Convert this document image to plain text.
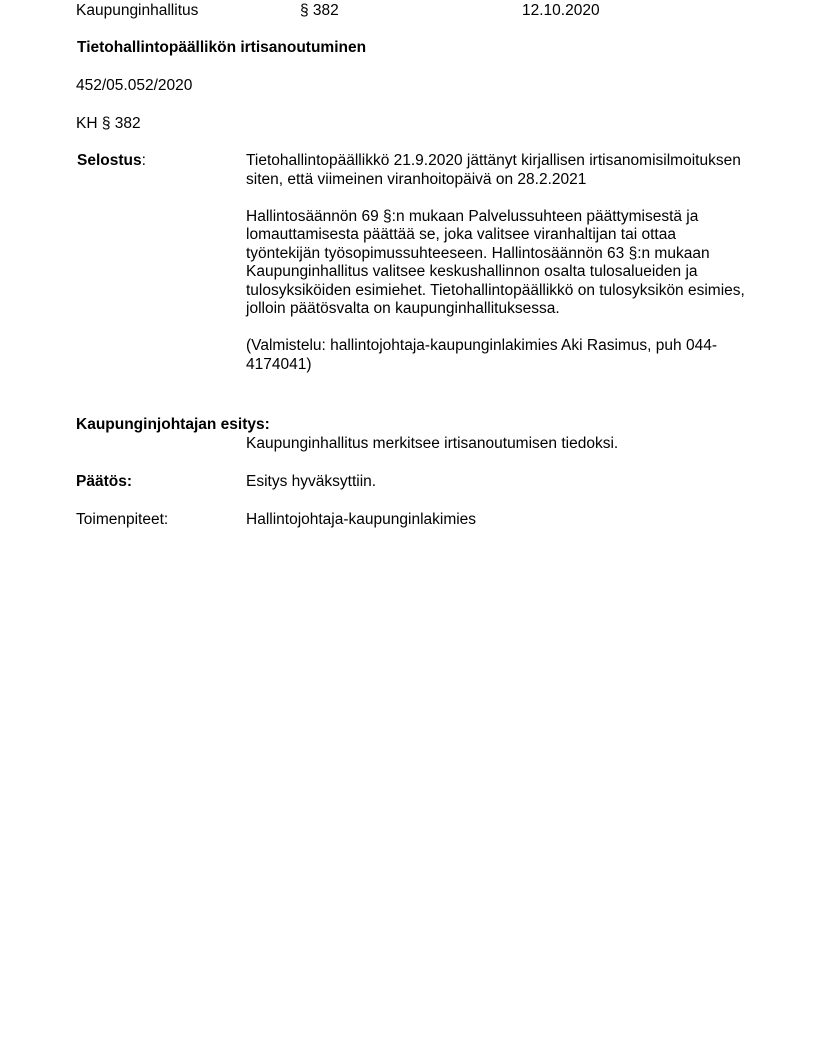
Kaupunginhallitus	§ 382	12.10.2020
Tietohallintopäällikön irtisanoutuminen
452/05.052/2020
KH § 382
Selostus:	Tietohallintopäällikkö 21.9.2020 jättänyt kirjallisen irtisanomisilmoituksen siten, että viimeinen viranhoitopäivä on 28.2.2021

Hallintosäännön 69 §:n mukaan Palvelussuhteen päättymisestä ja lomauttamisesta päättää se, joka valitsee viranhaltijan tai ottaa työntekijän työsopimussuhteeseen. Hallintosäännön 63 §:n mukaan Kaupunginhallitus valitsee keskushallinnon osalta tulosalueiden ja tulosyksiköiden esimiehet. Tietohallintopäällikkö on tulosyksikön esimies, jolloin päätösvalta on kaupunginhallituksessa.

(Valmistelu: hallintojohtaja-kaupunginlakimies Aki Rasimus, puh 044-4174041)

Kaupunginjohtajan esitys:
Kaupunginhallitus merkitsee irtisanoutumisen tiedoksi.
Päätös:	Esitys hyväksyttiin.
Toimenpiteet:	Hallintojohtaja-kaupunginlakimies
